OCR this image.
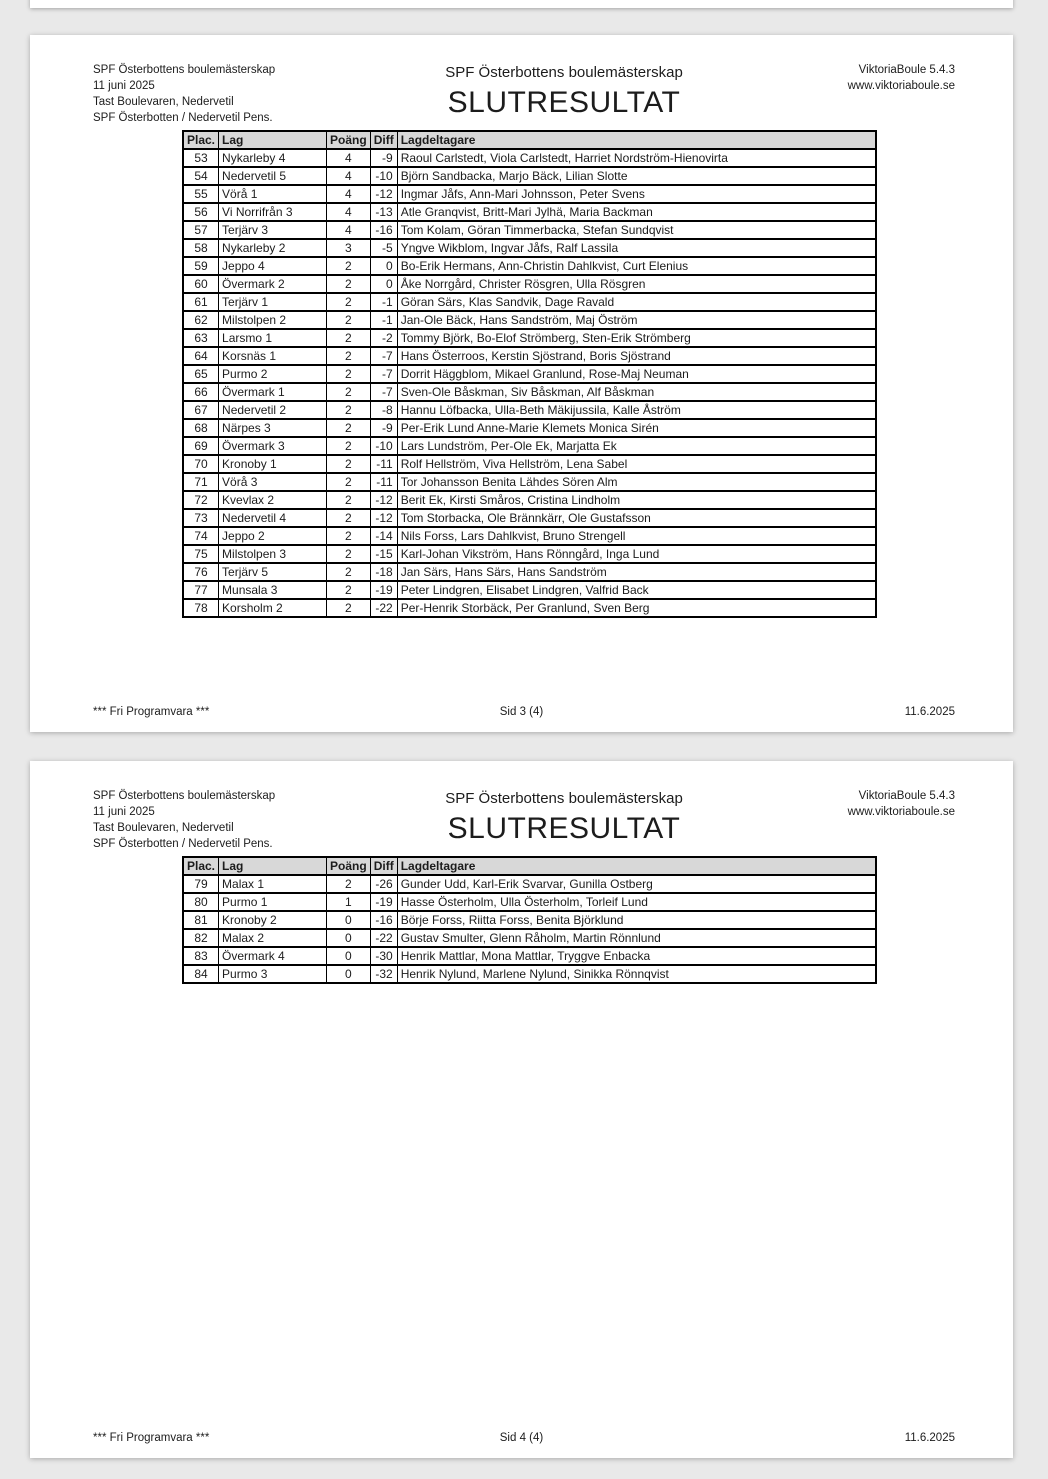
SPF Österbottens boulemästerskap
11 juni 2025
Tast Boulevaren, Nedervetil
SPF Österbotten / Nedervetil Pens.
SPF Österbottens boulemästerskap
SLUTRESULTAT
ViktoriaBoule 5.4.3
www.viktoriaboule.se
Plac.	Lag	Poäng	Diff	Lagdeltagare
53	Nykarleby 4	4	-9	Raoul Carlstedt, Viola Carlstedt, Harriet Nordström-Hienovirta
54	Nedervetil 5	4	-10	Björn Sandbacka, Marjo Bäck, Lilian Slotte
55	Vörå 1	4	-12	Ingmar Jåfs, Ann-Mari Johnsson, Peter Svens
56	Vi Norrifrån 3	4	-13	Atle Granqvist, Britt-Mari Jylhä, Maria Backman
57	Terjärv 3	4	-16	Tom Kolam, Göran Timmerbacka, Stefan Sundqvist
58	Nykarleby 2	3	-5	Yngve Wikblom, Ingvar Jåfs, Ralf Lassila
59	Jeppo 4	2	0	Bo-Erik Hermans, Ann-Christin Dahlkvist, Curt Elenius
60	Övermark 2	2	0	Åke Norrgård, Christer Rösgren, Ulla Rösgren
61	Terjärv 1	2	-1	Göran Särs, Klas Sandvik, Dage Ravald
62	Milstolpen 2	2	-1	Jan-Ole Bäck, Hans Sandström, Maj Öström
63	Larsmo 1	2	-2	Tommy Björk, Bo-Elof Strömberg, Sten-Erik Strömberg
64	Korsnäs 1	2	-7	Hans Österroos, Kerstin Sjöstrand, Boris Sjöstrand
65	Purmo 2	2	-7	Dorrit Häggblom, Mikael Granlund, Rose-Maj Neuman
66	Övermark 1	2	-7	Sven-Ole Båskman, Siv Båskman, Alf Båskman
67	Nedervetil 2	2	-8	Hannu Löfbacka, Ulla-Beth Mäkijussila, Kalle Åström
68	Närpes 3	2	-9	Per-Erik Lund Anne-Marie Klemets Monica Sirén
69	Övermark 3	2	-10	Lars Lundström, Per-Ole Ek, Marjatta Ek
70	Kronoby 1	2	-11	Rolf Hellström, Viva Hellström, Lena Sabel
71	Vörå 3	2	-11	Tor Johansson Benita Lähdes Sören Alm
72	Kvevlax 2	2	-12	Berit Ek, Kirsti Småros, Cristina Lindholm
73	Nedervetil 4	2	-12	Tom Storbacka, Ole Brännkärr, Ole Gustafsson
74	Jeppo 2	2	-14	Nils Forss, Lars Dahlkvist, Bruno Strengell
75	Milstolpen 3	2	-15	Karl-Johan Vikström, Hans Rönngård, Inga Lund
76	Terjärv 5	2	-18	Jan Särs, Hans Särs, Hans Sandström
77	Munsala 3	2	-19	Peter Lindgren, Elisabet Lindgren, Valfrid Back
78	Korsholm 2	2	-22	Per-Henrik Storbäck, Per Granlund, Sven Berg
*** Fri Programvara ***	Sid 3 (4)	11.6.2025
SPF Österbottens boulemästerskap
11 juni 2025
Tast Boulevaren, Nedervetil
SPF Österbotten / Nedervetil Pens.
SPF Österbottens boulemästerskap
SLUTRESULTAT
ViktoriaBoule 5.4.3
www.viktoriaboule.se
Plac.	Lag	Poäng	Diff	Lagdeltagare
79	Malax 1	2	-26	Gunder Udd, Karl-Erik Svarvar, Gunilla Ostberg
80	Purmo 1	1	-19	Hasse Österholm, Ulla Österholm, Torleif Lund
81	Kronoby 2	0	-16	Börje Forss, Riitta Forss, Benita Björklund
82	Malax 2	0	-22	Gustav Smulter, Glenn Råholm, Martin Rönnlund
83	Övermark 4	0	-30	Henrik Mattlar, Mona Mattlar, Tryggve Enbacka
84	Purmo 3	0	-32	Henrik Nylund, Marlene Nylund, Sinikka Rönnqvist
*** Fri Programvara ***	Sid 4 (4)	11.6.2025
